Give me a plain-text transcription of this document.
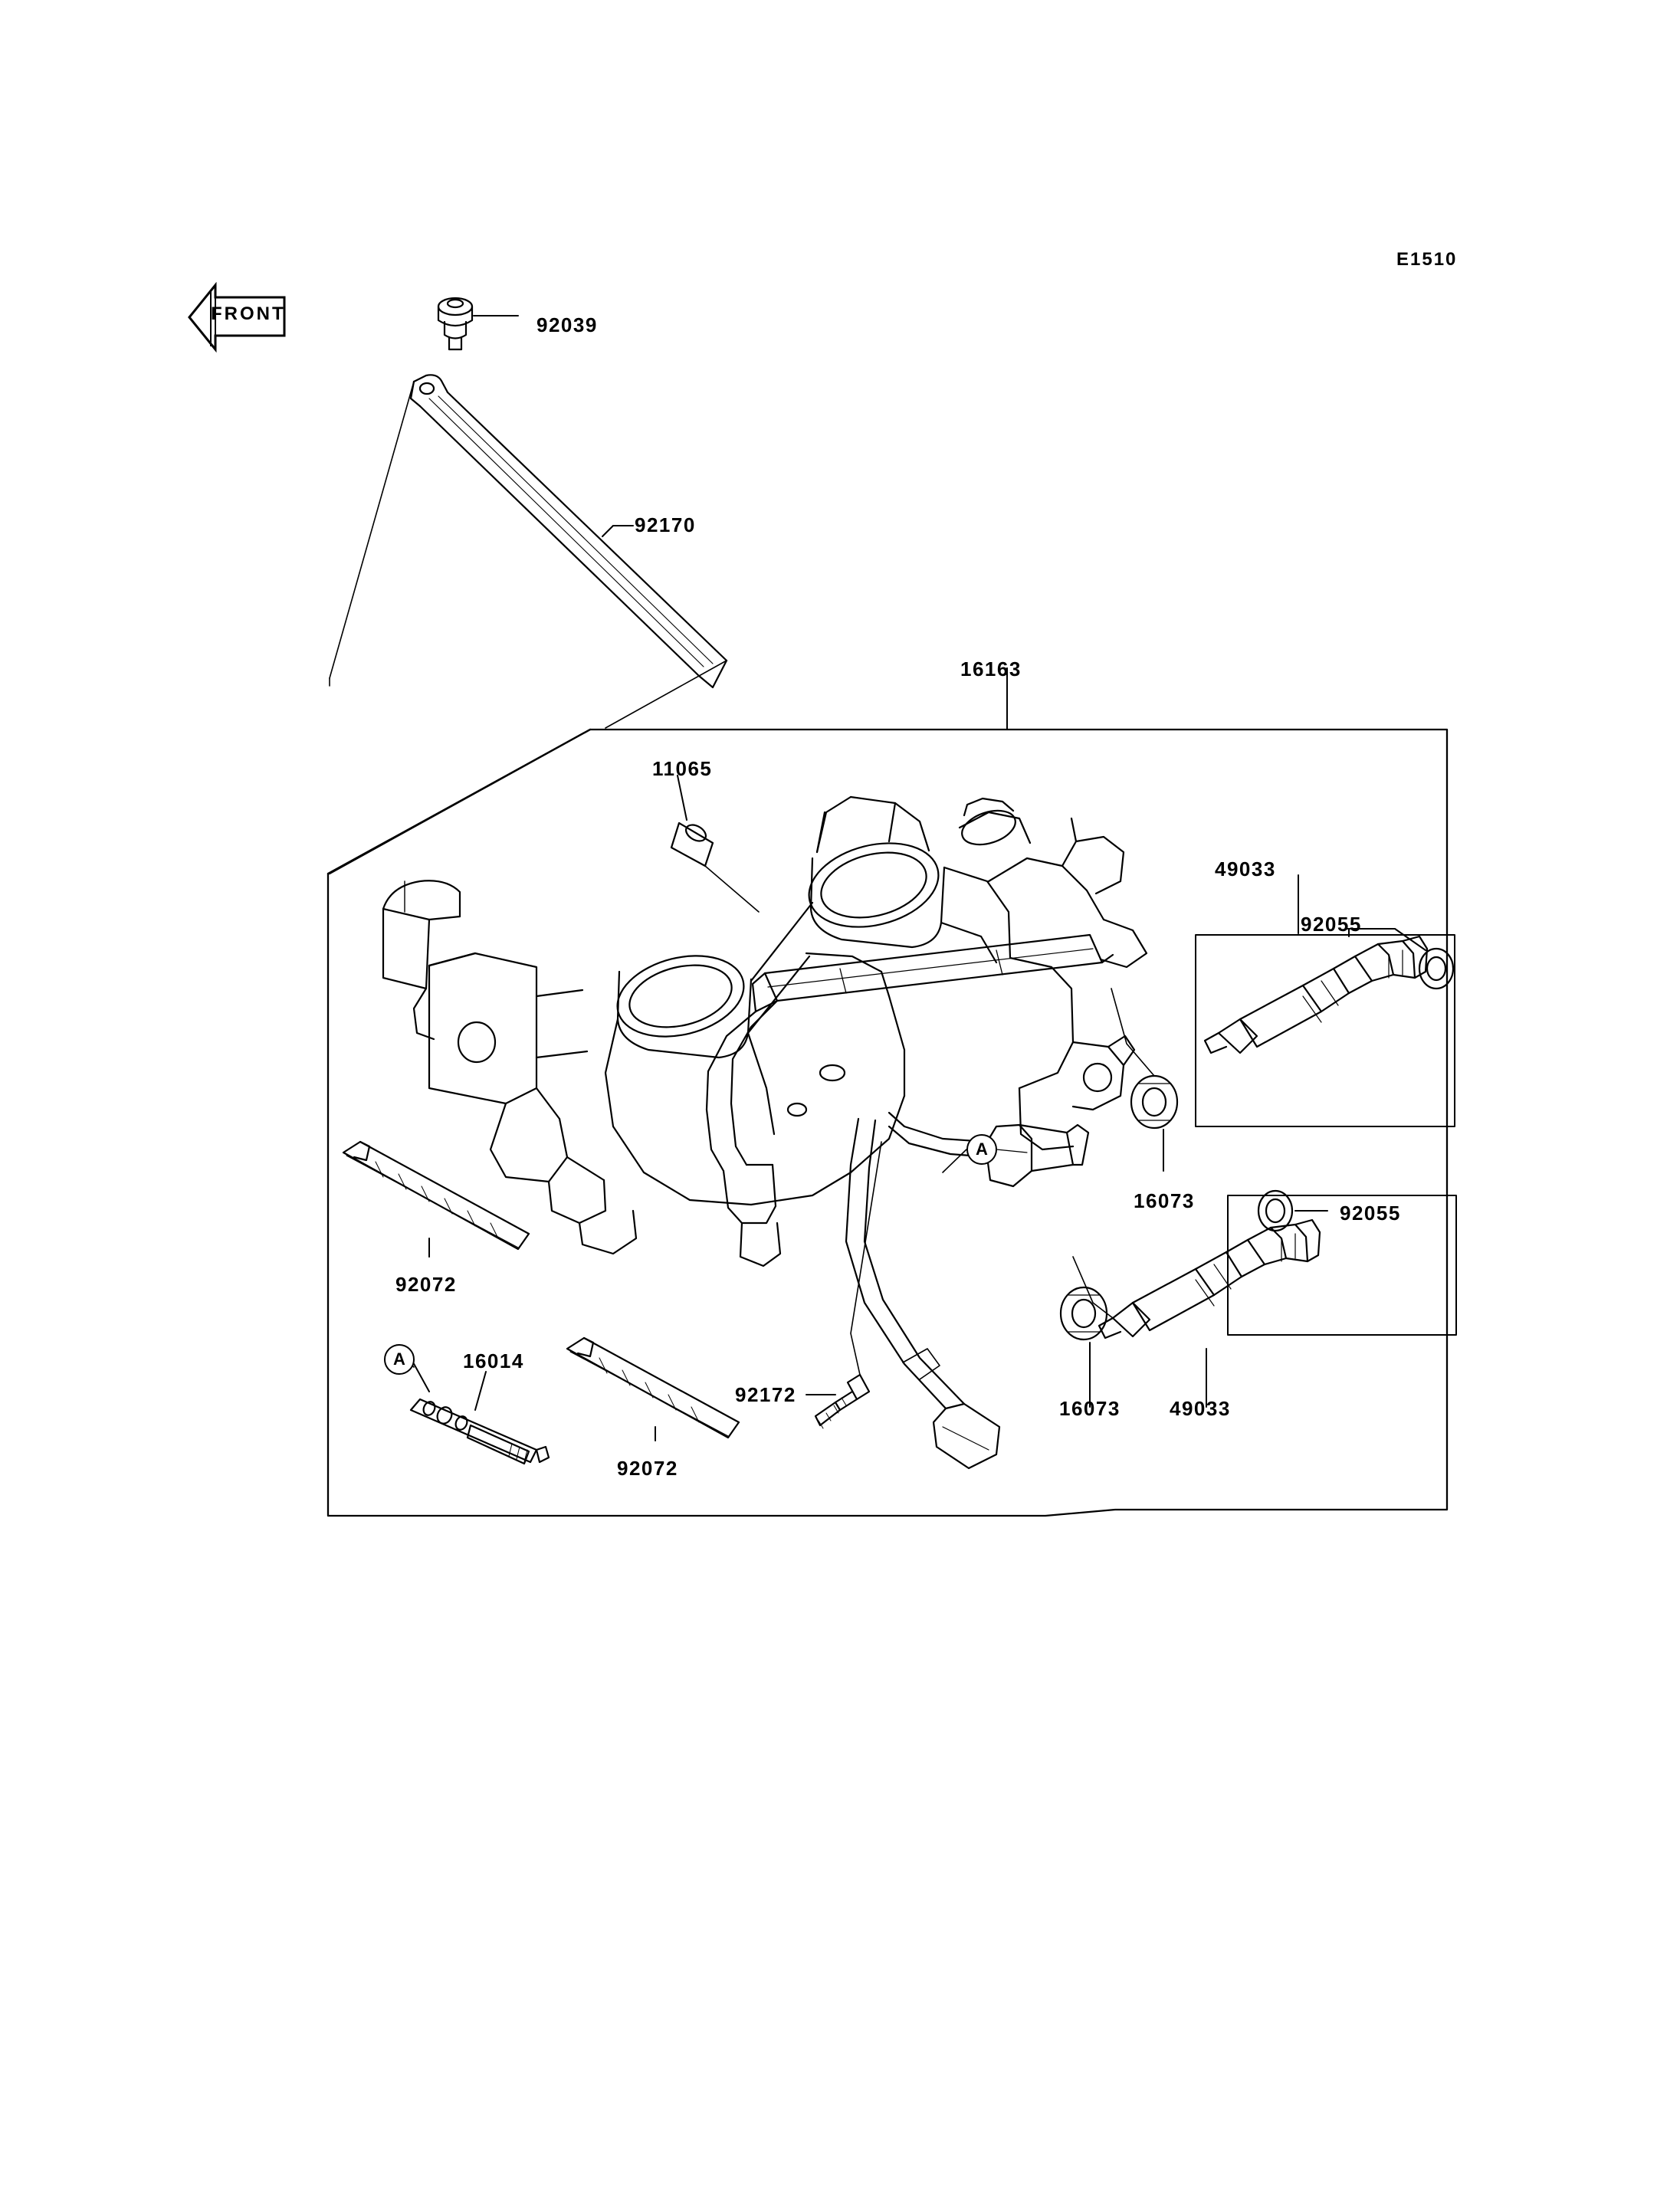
E1510
FRONT	92039
92170
16163
11065
49033
92055
16073
92055
92072
16014
92172
16073 49033
92072
A
A
